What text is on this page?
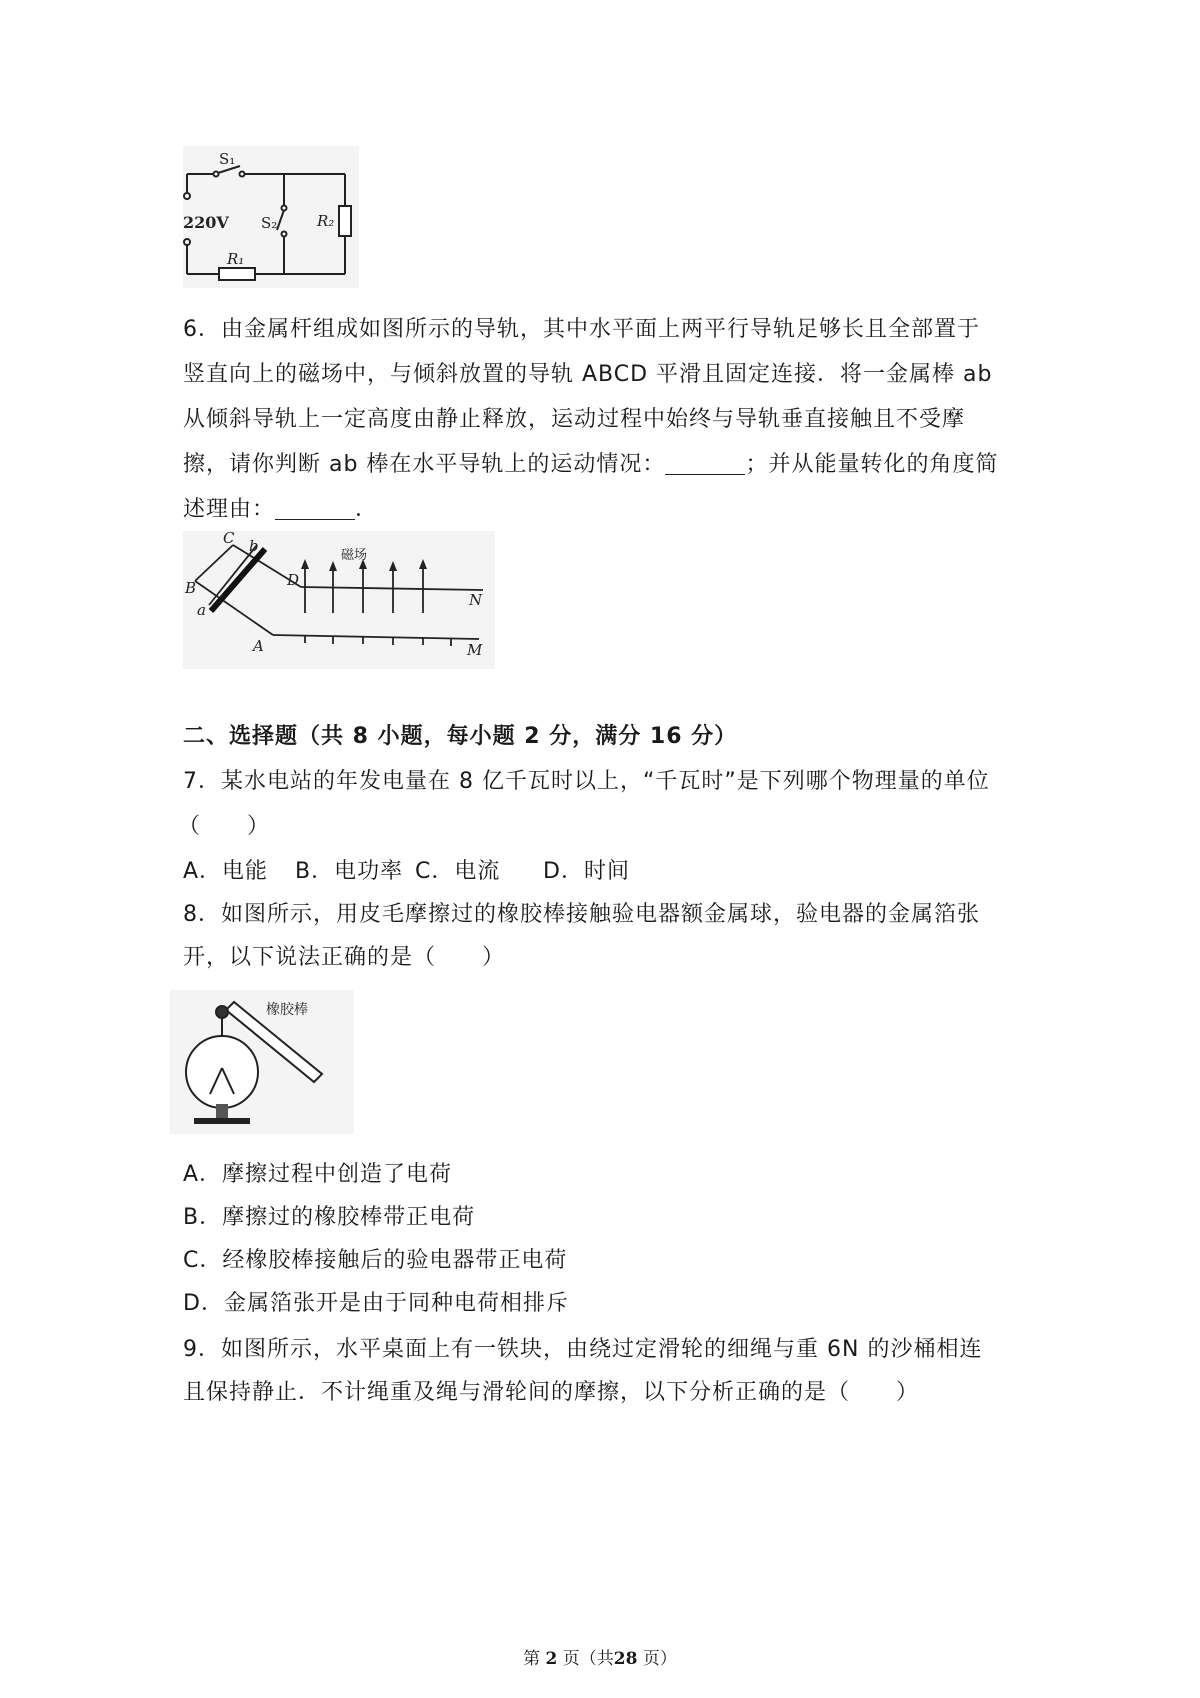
S₁
220V S₂	R₂
R₁
6．由金属杆组成如图所示的导轨，其中水平面上两平行导轨足够长且全部置于
竖直向上的磁场中，与倾斜放置的导轨 ABCD 平滑且固定连接．将一金属棒 ab
从倾斜导轨上一定高度由静止释放，运动过程中始终与导轨垂直接触且不受摩
擦，请你判断 ab 棒在水平导轨上的运动情况：	；并从能量转化的角度简
述理由：	．
磁场
C b
B
a
D
N
A	M
二、选择题（共 8 小题，每小题 2 分，满分 16 分）
7．某水电站的年发电量在 8 亿千瓦时以上，“千瓦时”是下列哪个物理量的单位
（　　）
A．电能 B．电功率 C．电流 D．时间
8．如图所示，用皮毛摩擦过的橡胶棒接触验电器额金属球，验电器的金属箔张
开，以下说法正确的是（　　）
橡胶棒
A．摩擦过程中创造了电荷
B．摩擦过的橡胶棒带正电荷
C．经橡胶棒接触后的验电器带正电荷
D．金属箔张开是由于同种电荷相排斥
9．如图所示，水平桌面上有一铁块，由绕过定滑轮的细绳与重 6N 的沙桶相连
且保持静止．不计绳重及绳与滑轮间的摩擦，以下分析正确的是（　　）
第 2 页（共28 页）
